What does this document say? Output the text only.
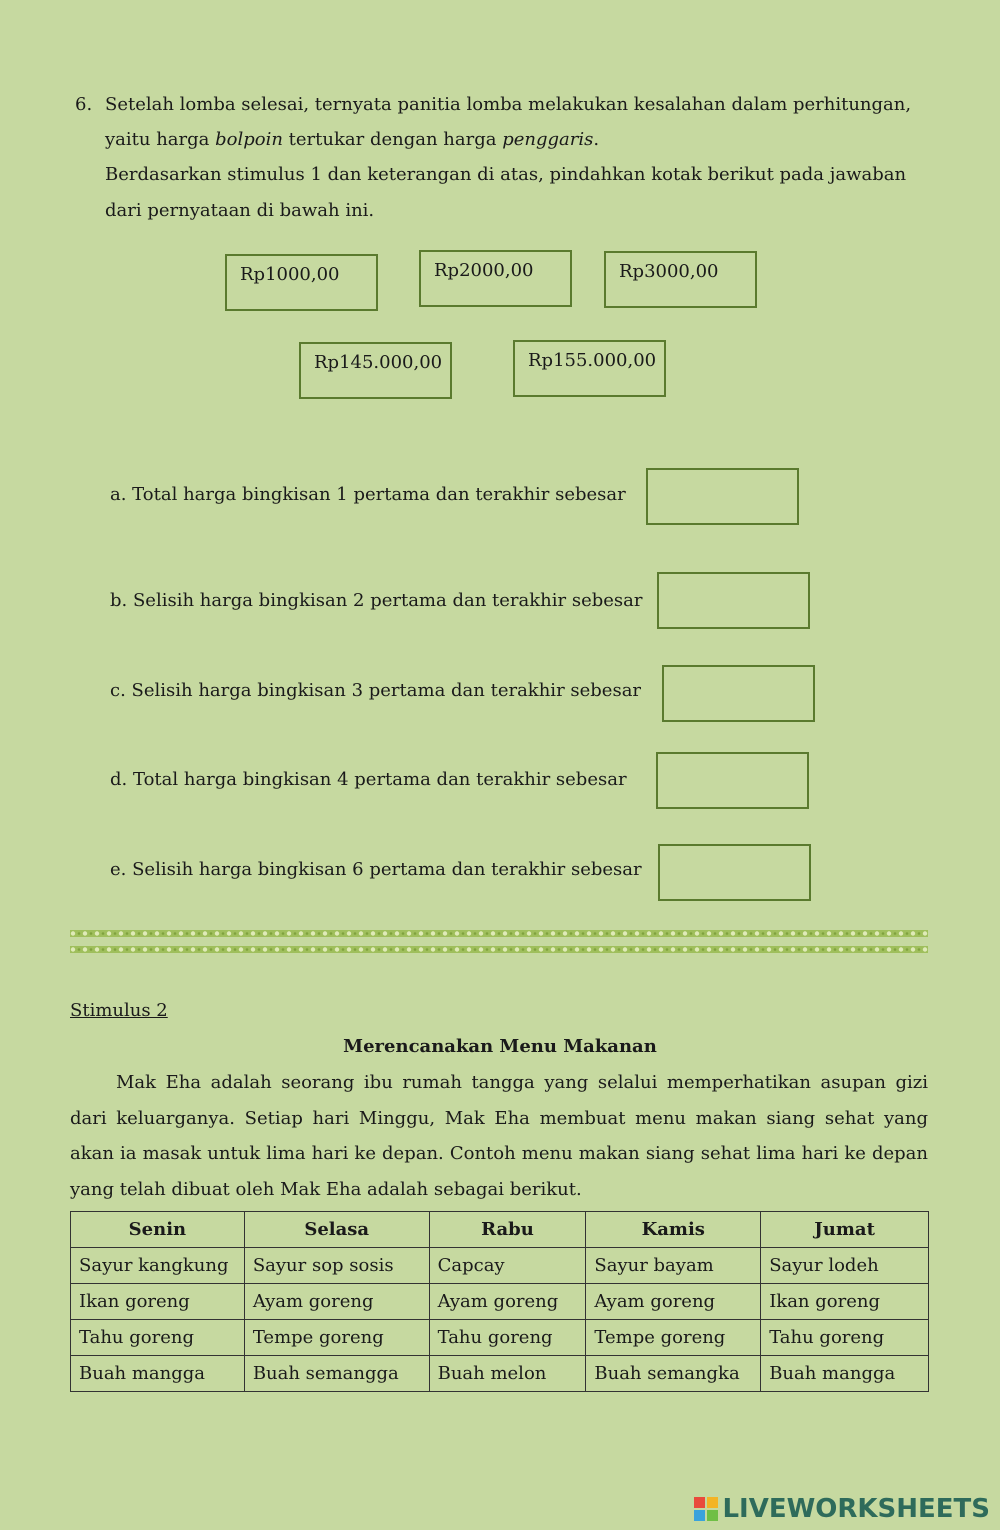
6. Setelah lomba selesai, ternyata panitia lomba melakukan kesalahan dalam perhitungan,
yaitu harga bolpoin tertukar dengan harga penggaris.
Berdasarkan stimulus 1 dan keterangan di atas, pindahkan kotak berikut pada jawaban
dari pernyataan di bawah ini.
Rp1000,00	Rp2000,00	Rp3000,00
Rp145.000,00	Rp155.000,00
a. Total harga bingkisan 1 pertama dan terakhir sebesar
b. Selisih harga bingkisan 2 pertama dan terakhir sebesar
c. Selisih harga bingkisan 3 pertama dan terakhir sebesar
d. Total harga bingkisan 4 pertama dan terakhir sebesar
e. Selisih harga bingkisan 6 pertama dan terakhir sebesar
Stimulus 2
Merencanakan Menu Makanan
Mak Eha adalah seorang ibu rumah tangga yang selalui memperhatikan asupan gizi dari keluarganya. Setiap hari Minggu, Mak Eha membuat menu makan siang sehat yang akan ia masak untuk lima hari ke depan. Contoh menu makan siang sehat lima hari ke depan yang telah dibuat oleh Mak Eha adalah sebagai berikut.
Senin	Selasa	Rabu	Kamis	Jumat
Sayur kangkung	Sayur sop sosis	Capcay	Sayur bayam	Sayur lodeh
Ikan goreng	Ayam goreng	Ayam goreng	Ayam goreng	Ikan goreng
Tahu goreng	Tempe goreng	Tahu goreng	Tempe goreng	Tahu goreng
Buah mangga	Buah semangga	Buah melon	Buah semangka	Buah mangga
LIVEWORKSHEETS
